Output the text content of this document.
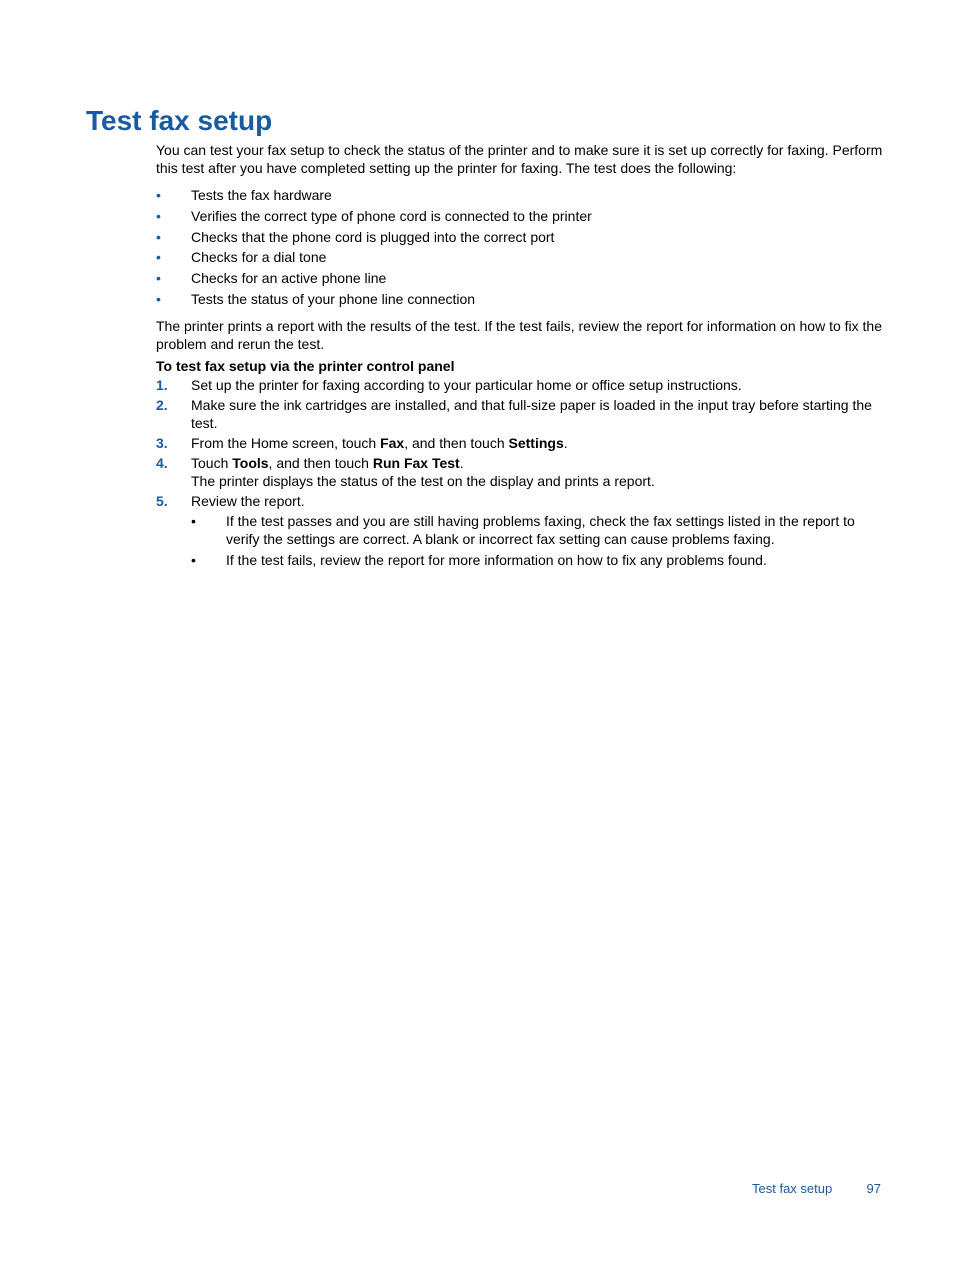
Test fax setup

You can test your fax setup to check the status of the printer and to make sure it is set up correctly for faxing. Perform this test after you have completed setting up the printer for faxing. The test does the following:

• Tests the fax hardware
• Verifies the correct type of phone cord is connected to the printer
• Checks that the phone cord is plugged into the correct port
• Checks for a dial tone
• Checks for an active phone line
• Tests the status of your phone line connection

The printer prints a report with the results of the test. If the test fails, review the report for information on how to fix the problem and rerun the test.

To test fax setup via the printer control panel

1. Set up the printer for faxing according to your particular home or office setup instructions.
2. Make sure the ink cartridges are installed, and that full-size paper is loaded in the input tray before starting the test.
3. From the Home screen, touch Fax, and then touch Settings.
4. Touch Tools, and then touch Run Fax Test.

The printer displays the status of the test on the display and prints a report.

5. Review the report.
• If the test passes and you are still having problems faxing, check the fax settings listed in the report to verify the settings are correct. A blank or incorrect fax setting can cause problems faxing.
• If the test fails, review the report for more information on how to fix any problems found.
Test fax setup	97
